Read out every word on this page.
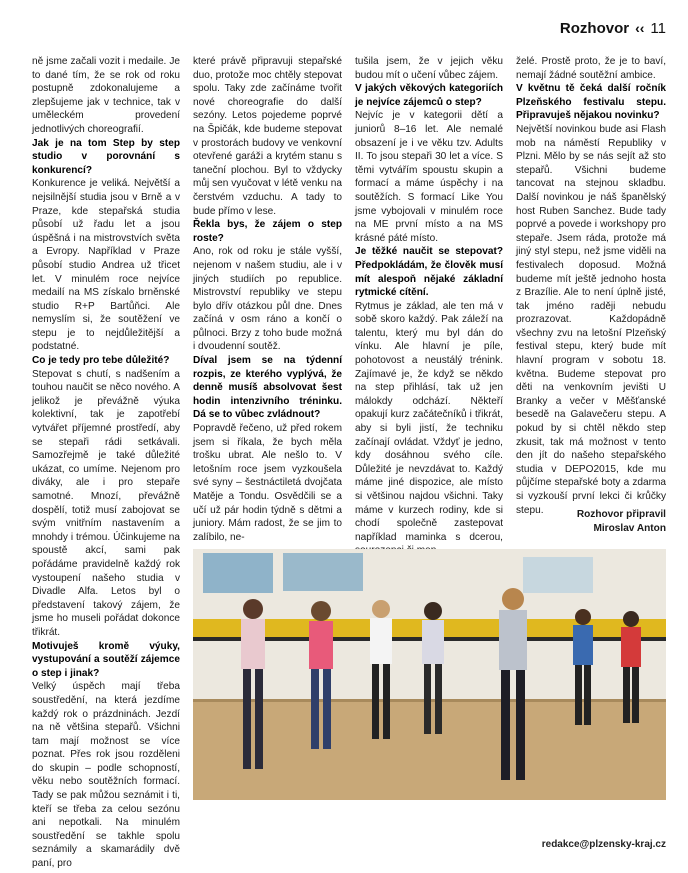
Rozhovor ‹‹ 11

ně jsme začali vozit i medaile. Je to dané tím, že se rok od roku postupně zdokonalujeme a zlepšujeme jak v technice, tak v uměleckém provedení jednotlivých choreografií.

Jak je na tom Step by step studio v porovnání s konkurencí?

Konkurence je veliká. Největší a nejsilnější studia jsou v Brně a v Praze, kde stepařská studia působí už řadu let a jsou úspěšná i na mistrovstvích světa a Evropy. Například v Praze působí studio Andrea už třicet let. V minulém roce nejvíce medailí na MS získalo brněnské studio R+P Bartůňci. Ale nemyslím si, že soutěžení ve stepu je to nejdůležitější a podstatné.

Co je tedy pro tebe důležité?

Stepovat s chutí, s nadšením a touhou naučit se něco nového. A jelikož je převážně výuka kolektivní, tak je zapotřebí vytvářet příjemné prostředí, aby se stepaři rádi setkávali. Samozřejmě je také důležité ukázat, co umíme. Nejenom pro diváky, ale i pro stepaře samotné. Mnozí, převážně dospělí, totiž musí zabojovat se svým vnitřním nastavením a mnohdy i trémou. Účinkujeme na spoustě akcí, sami pak pořádáme pravidelně každý rok vystoupení našeho studia v Divadle Alfa. Letos byl o představení takový zájem, že jsme ho museli pořádat dokonce třikrát.

Motivuješ kromě výuky, vystupování a soutěží zájemce o step i jinak?

Velký úspěch mají třeba soustředění, na která jezdíme každý rok o prázdninách. Jezdí na ně většina stepařů. Všichni tam mají možnost se více poznat. Přes rok jsou rozděleni do skupin – podle schopností, věku nebo soutěžních formací. Tady se pak můžou seznámit i ti, kteří se třeba za celou sezónu ani nepotkali. Na minulém soustředění se takhle spolu seznámily a skamarádily dvě paní, pro

které právě připravuji stepařské duo, protože moc chtěly stepovat spolu. Taky zde začínáme tvořit nové choreografie do další sezóny. Letos pojedeme poprvé na Špičák, kde budeme stepovat v prostorách budovy ve venkovní otevřené garáži a krytém stanu s taneční plochou. Byl to vždycky můj sen vyučovat v létě venku na čerstvém vzduchu. A tady to bude přímo v lese.

Řekla bys, že zájem o step roste?

Ano, rok od roku je stále vyšší, nejenom v našem studiu, ale i v jiných studiích po republice. Mistrovství republiky ve stepu bylo dřív otázkou půl dne. Dnes začíná v osm ráno a končí o půlnoci. Brzy z toho bude možná i dvoudenní soutěž.

Díval jsem se na týdenní rozpis, ze kterého vyplývá, že denně musíš absolvovat šest hodin intenzivního tréninku. Dá se to vůbec zvládnout?

Popravdě řečeno, už před rokem jsem si říkala, že bych měla trošku ubrat. Ale nešlo to. V letošním roce jsem vyzkoušela své syny – šestnáctiletá dvojčata Matěje a Tondu. Osvědčili se a učí už pár hodin týdně s dětmi a juniory. Mám radost, že se jim to zalíbilo, ne-

tušila jsem, že v jejich věku budou mít o učení vůbec zájem.

V jakých věkových kategoriích je nejvíce zájemců o step?

Nejvíc je v kategorii dětí a juniorů 8–16 let. Ale nemalé obsazení je i ve věku tzv. Adults II. To jsou stepaři 30 let a více. S těmi vytvářím spoustu skupin a formací a máme úspěchy i na soutěžích. S formací Like You jsme vybojovali v minulém roce na ME první místo a na MS krásné páté místo.

Je těžké naučit se stepovat? Předpokládám, že člověk musí mít alespoň nějaké základní rytmické cítění.

Rytmus je základ, ale ten má v sobě skoro každý. Pak záleží na talentu, který mu byl dán do vínku. Ale hlavní je píle, pohotovost a neustálý trénink. Zajímavé je, že když se někdo na step přihlásí, tak už jen málokdy odchází. Někteří opakují kurz začátečníků i třikrát, aby si byli jistí, že techniku začínají ovládat. Vždyť je jedno, kdy dosáhnou svého cíle. Důležité je nevzdávat to. Každý máme jiné dispozice, ale místo si většinou najdou všichni. Taky máme v kurzech rodiny, kde si chodí společně zastepovat například maminka s dcerou,

želé. Prostě proto, že je to baví, nemají žádné soutěžní ambice.

V květnu tě čeká další ročník Plzeňského festivalu stepu. Připravuješ nějakou novinku?

Největší novinkou bude asi Flash mob na náměstí Republiky v Plzni. Mělo by se nás sejít až sto stepařů. Všichni budeme tancovat na stejnou skladbu. Další novinkou je náš španělský host Ruben Sanchez. Bude tady poprvé a povede i workshopy pro stepaře. Jsem ráda, protože má jiný styl stepu, než jsme viděli na festivalech doposud. Možná budeme mít ještě jednoho hosta z Brazílie. Ale to není úplně jisté, tak jméno raději nebudu prozrazovat. Každopádně všechny zvu na letošní Plzeňský festival stepu, který bude mít hlavní program v sobotu 18. května. Budeme stepovat pro děti na venkovním jevišti U Branky a večer v Měšťanské besedě na Galavečeru stepu. A pokud by si chtěl někdo step zkusit, tak má možnost v tento den jít do našeho stepařského studia v DEPO2015, kde mu půjčíme stepařské boty a zdarma si vyzkouší první lekci či krůčky stepu.	Rozhovor připravil
Miroslav Anton
redakce@plzensky-kraj.cz
